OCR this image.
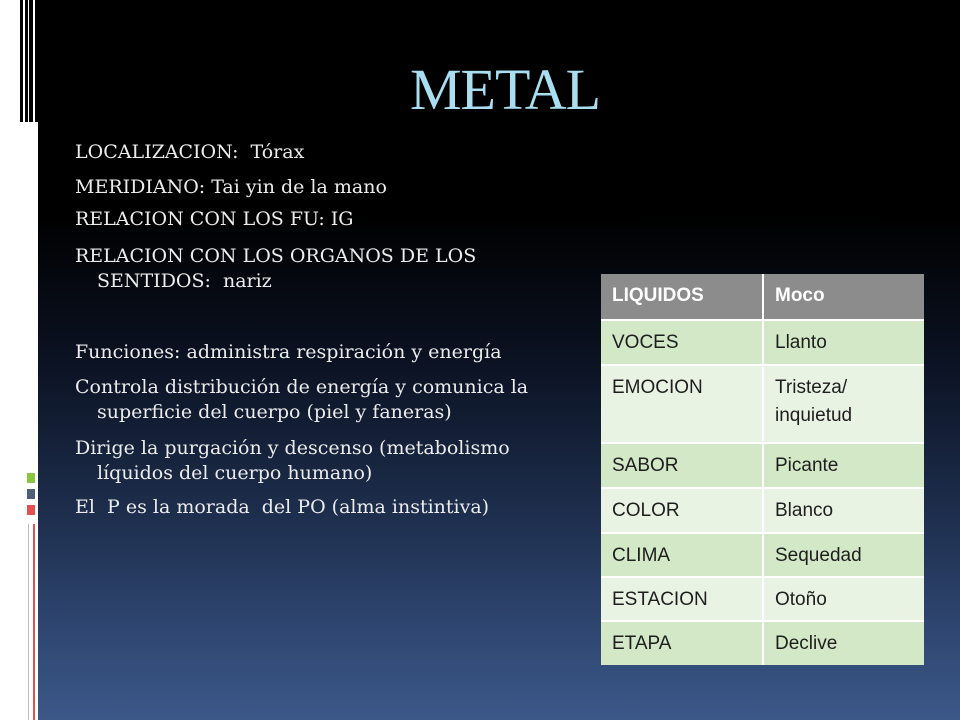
METAL
LOCALIZACION:  Tórax
MERIDIANO: Tai yin de la mano
RELACION CON LOS FU: IG
RELACION CON LOS ORGANOS DE LOS
SENTIDOS:  nariz
Funciones: administra respiración y energía
Controla distribución de energía y comunica la
superficie del cuerpo (piel y faneras)
Dirige la purgación y descenso (metabolismo
líquidos del cuerpo humano)
El  P es la morada  del PO (alma instintiva)
LIQUIDOS	Moco
VOCES	Llanto
EMOCION	Tristeza/ inquietud
SABOR	Picante
COLOR	Blanco
CLIMA	Sequedad
ESTACION	Otoño
ETAPA	Declive
